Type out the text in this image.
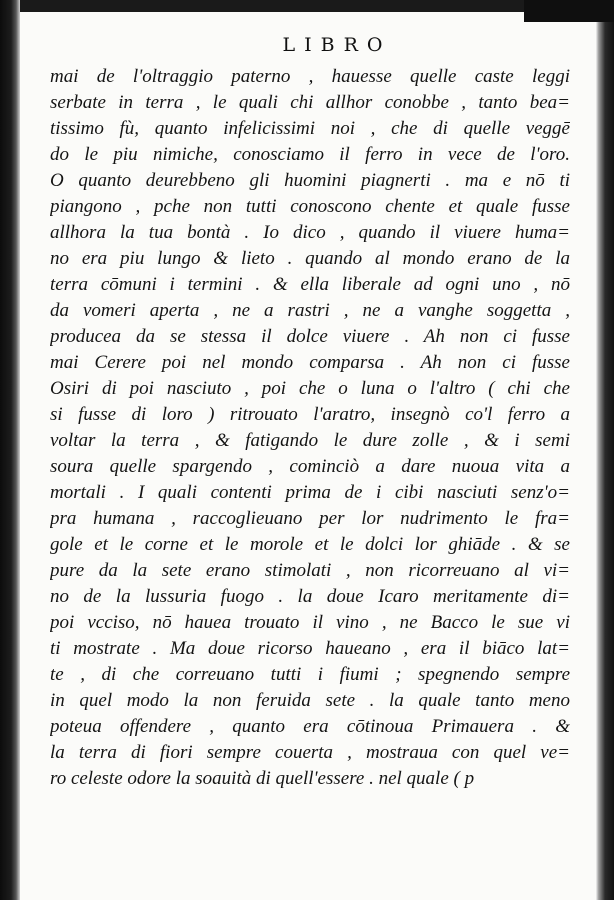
LIBRO
mai de l'oltraggio paterno , hauesse quelle caste leggi
serbate in terra , le quali chi allhor conobbe , tanto bea=
tissimo fù, quanto infelicissimi noi , che di quelle veggē
do le piu nimiche, conosciamo il ferro in vece de l'oro.
O quanto deurebbeno gli huomini piagnerti . ma e nō ti
piangono , pche non tutti conoscono chente et quale fusse
allhora la tua bontà . Io dico , quando il viuere huma=
no era piu lungo & lieto . quando al mondo erano de la
terra cōmuni i termini . & ella liberale ad ogni uno , nō
da vomeri aperta , ne a rastri , ne a vanghe soggetta ,
producea da se stessa il dolce viuere . Ah non ci fusse
mai Cerere poi nel mondo comparsa . Ah non ci fusse
Osiri di poi nasciuto , poi che o luna o l'altro ( chi che
si fusse di loro ) ritrouato l'aratro, insegnò co'l ferro a
voltar la terra , & fatigando le dure zolle , & i semi
soura quelle spargendo , cominciò a dare nuoua vita a
mortali . I quali contenti prima de i cibi nasciuti senz'o=
pra humana , raccoglieuano per lor nudrimento le fra=
gole et le corne et le morole et le dolci lor ghiāde . & se
pure da la sete erano stimolati , non ricorreuano al vi=
no de la lussuria fuogo . la doue Icaro meritamente di=
poi vcciso, nō hauea trouato il vino , ne Bacco le sue vi
ti mostrate . Ma doue ricorso haueano , era il biāco lat=
te , di che correuano tutti i fiumi ; spegnendo sempre
in quel modo la non feruida sete . la quale tanto meno
poteua offendere , quanto era cōtinoua Primauera . &
la terra di fiori sempre couerta , mostraua con quel ve=
ro celeste odore la soauità di quell'essere . nel quale ( p
